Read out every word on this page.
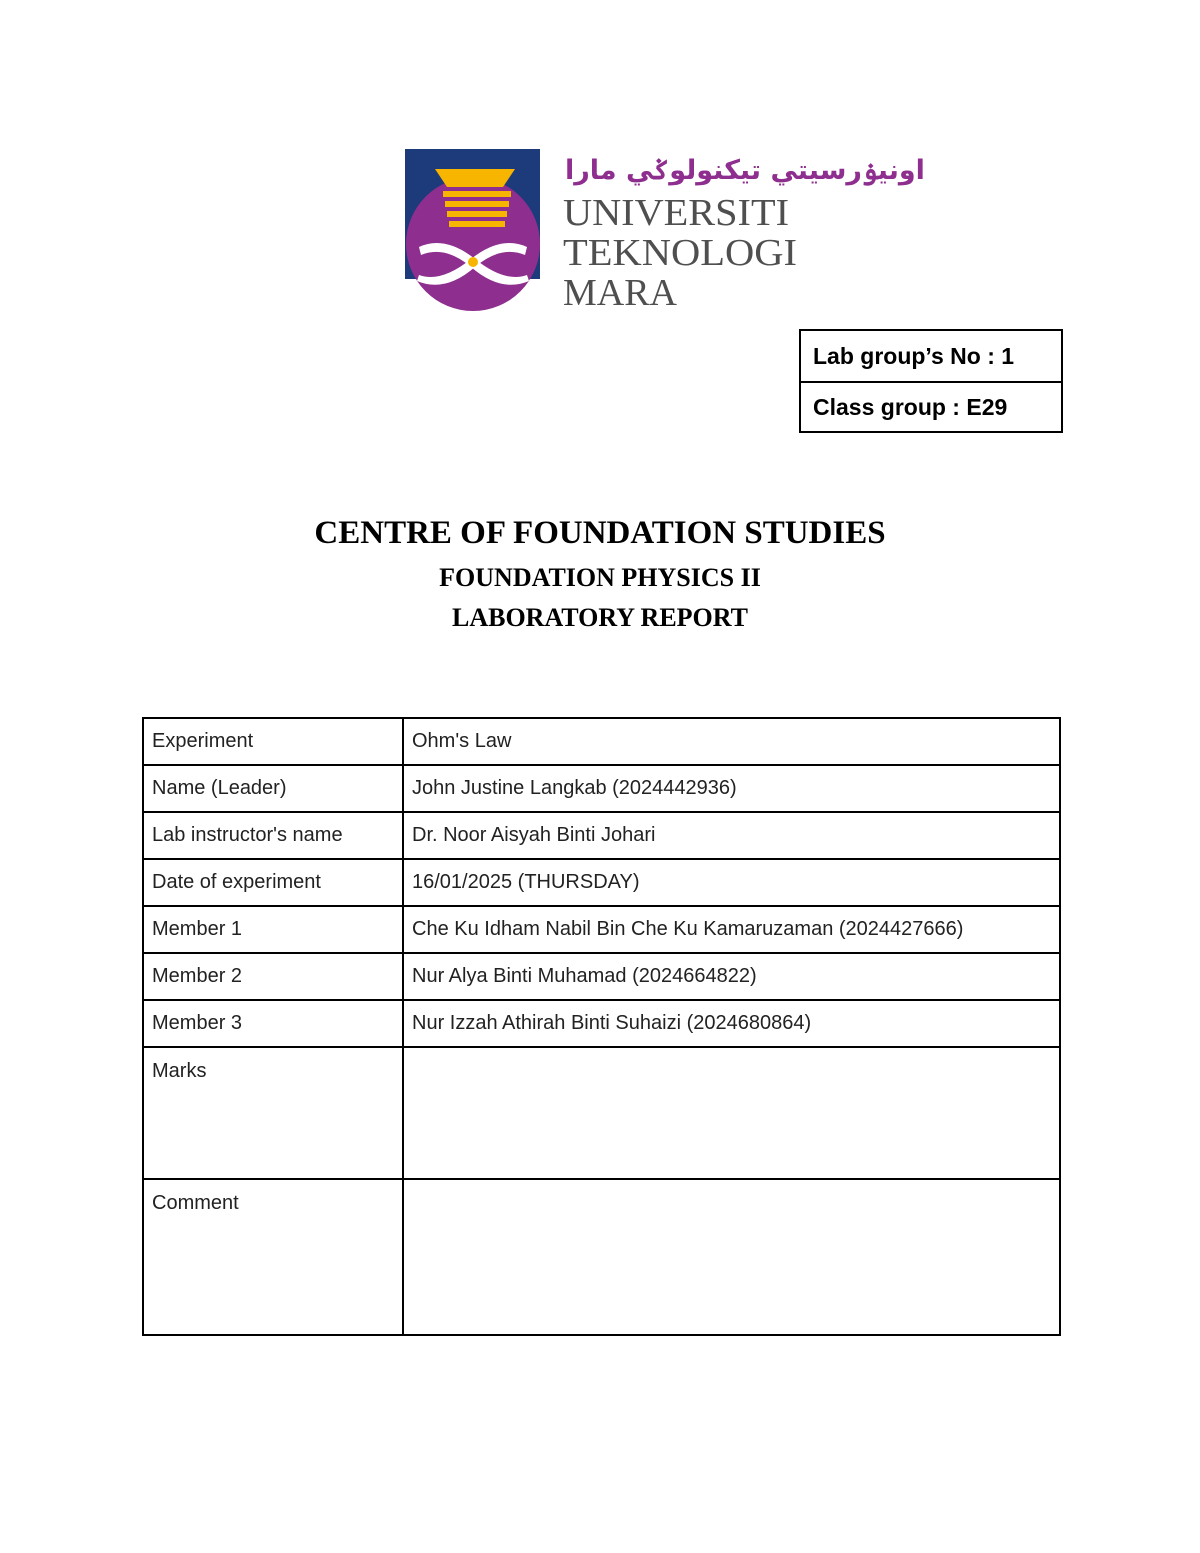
اونيۏرسيتي تيكنولوݢي مارا
UNIVERSITI
TEKNOLOGI
MARA
Lab group’s No : 1
Class group : E29
CENTRE OF FOUNDATION STUDIES
FOUNDATION PHYSICS II
LABORATORY REPORT
Experiment	Ohm's Law
Name (Leader)	John Justine Langkab (2024442936)
Lab instructor's name	Dr. Noor Aisyah Binti Johari
Date of experiment	16/01/2025 (THURSDAY)
Member 1	Che Ku Idham Nabil Bin Che Ku Kamaruzaman (2024427666)
Member 2	Nur Alya Binti Muhamad (2024664822)
Member 3	Nur Izzah Athirah Binti Suhaizi (2024680864)
Marks	
Comment	
